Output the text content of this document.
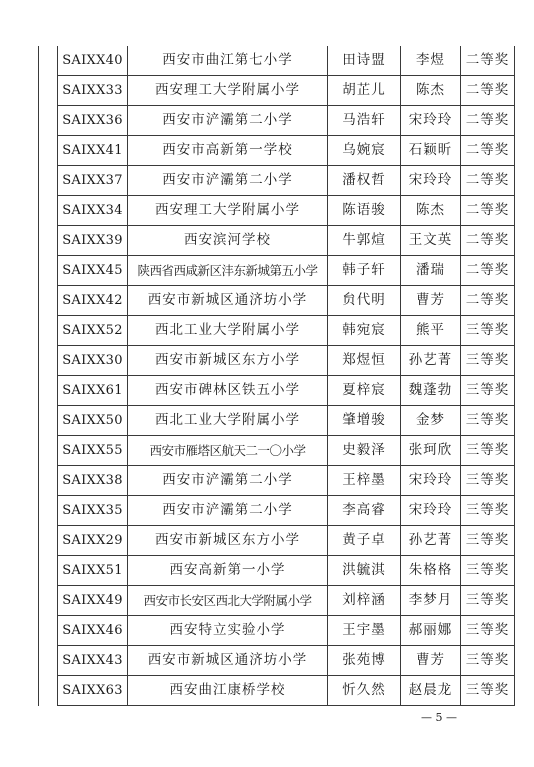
	SAIXX40	西安市曲江第七小学	田诗盟	李煜	二等奖
	SAIXX33	西安理工大学附属小学	胡芷儿	陈杰	二等奖
	SAIXX36	西安市浐灞第二小学	马浩轩	宋玲玲	二等奖
	SAIXX41	西安市高新第一学校	乌婉宸	石颖昕	二等奖
	SAIXX37	西安市浐灞第二小学	潘权哲	宋玲玲	二等奖
	SAIXX34	西安理工大学附属小学	陈语骏	陈杰	二等奖
	SAIXX39	西安滨河学校	牛郭煊	王文英	二等奖
	SAIXX45	陕西省西咸新区沣东新城第五小学	韩子轩	潘瑞	二等奖
	SAIXX42	西安市新城区通济坊小学	贠代明	曹芳	二等奖
	SAIXX52	西北工业大学附属小学	韩宛宸	熊平	三等奖
	SAIXX30	西安市新城区东方小学	郑煜恒	孙艺菁	三等奖
	SAIXX61	西安市碑林区铁五小学	夏梓宸	魏蓬勃	三等奖
	SAIXX50	西北工业大学附属小学	肇增骏	金梦	三等奖
	SAIXX55	西安市雁塔区航天二一〇小学	史毅泽	张珂欣	三等奖
	SAIXX38	西安市浐灞第二小学	王梓墨	宋玲玲	三等奖
	SAIXX35	西安市浐灞第二小学	李高睿	宋玲玲	三等奖
	SAIXX29	西安市新城区东方小学	黄子卓	孙艺菁	三等奖
	SAIXX51	西安高新第一小学	洪毓淇	朱格格	三等奖
	SAIXX49	西安市长安区西北大学附属小学	刘梓涵	李梦月	三等奖
	SAIXX46	西安特立实验小学	王宇墨	郝丽娜	三等奖
	SAIXX43	西安市新城区通济坊小学	张苑博	曹芳	三等奖
	SAIXX63	西安曲江康桥学校	忻久然	赵晨龙	三等奖
— 5 —
